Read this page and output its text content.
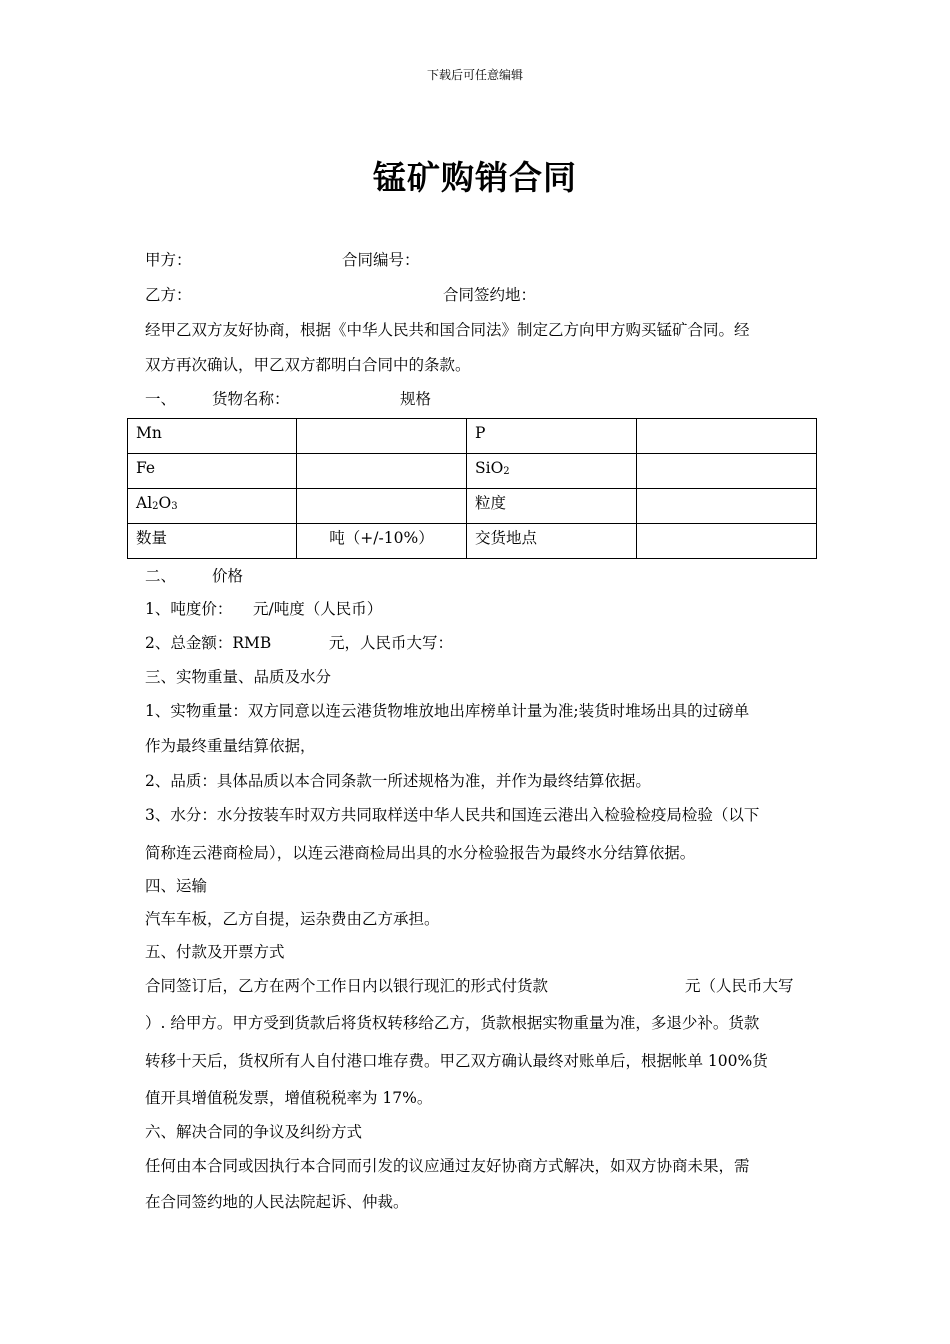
下载后可任意编辑
锰矿购销合同
甲方：	合同编号：
乙方：	合同签约地：
经甲乙双方友好协商，根据《中华人民共和国合同法》制定乙方向甲方购买锰矿合同。经
双方再次确认，甲乙双方都明白合同中的条款。
一、 货物名称：	规格
Mn		P	
Fe		SiO$_2$	
$Al_2O_3$		粒度	
数量	吨（+/-10%）	交货地点	
二、 价格
1、吨度价： 元/吨度（人民币）
2、总金额：RMB	元，人民币大写：
三、实物重量、品质及水分
1、实物重量：双方同意以连云港货物堆放地出库榜单计量为准;装货时堆场出具的过磅单
作为最终重量结算依据，
2、品质：具体品质以本合同条款一所述规格为准，并作为最终结算依据。
3、水分：水分按装车时双方共同取样送中华人民共和国连云港出入检验检疫局检验（以下
简称连云港商检局），以连云港商检局出具的水分检验报告为最终水分结算依据。
四、运输
汽车车板，乙方自提，运杂费由乙方承担。
五、付款及开票方式
合同签订后，乙方在两个工作日内以银行现汇的形式付货款	元（人民币大写
）. 给甲方。甲方受到货款后将货权转移给乙方，货款根据实物重量为准，多退少补。货款
转移十天后，货权所有人自付港口堆存费。甲乙双方确认最终对账单后，根据帐单 100%货
值开具增值税发票，增值税税率为 17%。
六、解决合同的争议及纠纷方式
任何由本合同或因执行本合同而引发的议应通过友好协商方式解决，如双方协商未果，需
在合同签约地的人民法院起诉、仲裁。
